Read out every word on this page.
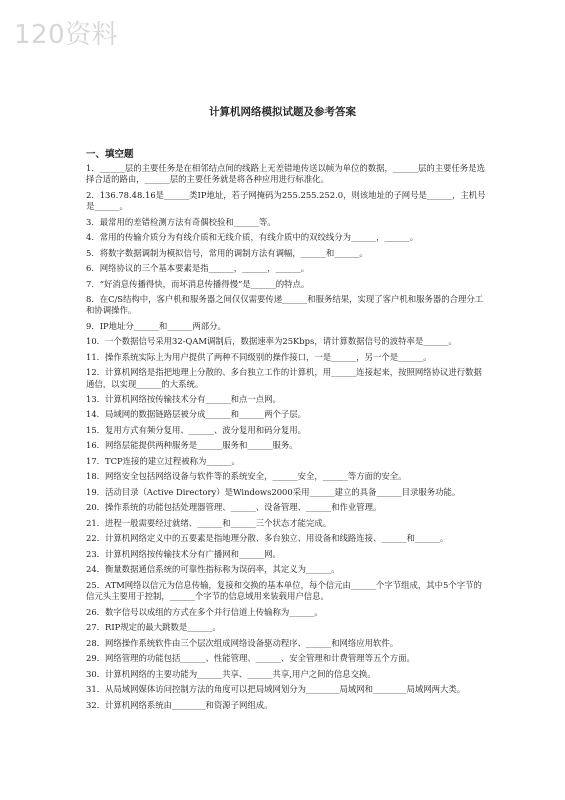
120资料
计算机网络模拟试题及参考答案
一、填空题

1．______层的主要任务是在相邻结点间的线路上无差错地传送以帧为单位的数据，______层的主要任务是选择合适的路由，______层的主要任务就是将各种应用进行标准化。

2．136.78.48.16是______类IP地址，若子网掩码为255.255.252.0，则该地址的子网号是______，主机号是______。

3．最常用的差错检测方法有奇偶校验和______等。

4．常用的传输介质分为有线介质和无线介质，有线介质中的双绞线分为______，______。

5．将数字数据调制为模拟信号，常用的调制方法有调幅，______和______。

6．网络协议的三个基本要素是指______，______，______。

7．“好消息传播得快，而坏消息传播得慢”是______的特点。

8．在C/S结构中，客户机和服务器之间仅仅需要传递______和服务结果，实现了客户机和服务器的合理分工和协调操作。

9．IP地址分______和______两部分。

10．一个数据信号采用32-QAM调制后，数据速率为25Kbps，请计算数据信号的波特率是______。

11．操作系统实际上为用户提供了两种不同级别的操作接口，一是______，另一个是______。

12．计算机网络是指把地理上分散的、多台独立工作的计算机，用______连接起来，按照网络协议进行数据通信，以实现______的大系统。

13．计算机网络按传输技术分有______和点一点网。

14．局域网的数据链路层被分成______和______两个子层。

15．复用方式有频分复用、______、波分复用和码分复用。

16．网络层能提供两种服务是______服务和______服务。

17．TCP连接的建立过程被称为______。

18．网络安全包括网络设备与软件等的系统安全，______安全，______等方面的安全。

19．活动目录（Active Directory）是Windows2000采用______建立的具备______目录服务功能。

20．操作系统的功能包括处理器管理、______、设备管理、______和作业管理。

21．进程一般需要经过就绪、______和______三个状态才能完成。

22．计算机网络定义中的五要素是指地理分散、多台独立、用设备和线路连接、______和______。

23．计算机网络按传输技术分有广播网和______网。

24．衡量数据通信系统的可靠性指标称为误码率，其定义为______。

25．ATM网络以信元为信息传输，复接和交换的基本单位，每个信元由______个字节组成，其中5个字节的信元头主要用于控制，______个字节的信息域用来装载用户信息。

26．数字信号以成组的方式在多个并行信道上传输称为______。

27．RIP规定的最大跳数是______。

28．网络操作系统软件由三个层次组成网络设备驱动程序、______和网络应用软件。

29．网络管理的功能包括______、性能管理、______、安全管理和计费管理等五个方面。

30．计算机网络的主要功能为______共享、______共享,用户之间的信息交换。

31．从局域网媒体访问控制方法的角度可以把局域网划分为________局域网和________局域网两大类。

32．计算机网络系统由________和资源子网组成。
